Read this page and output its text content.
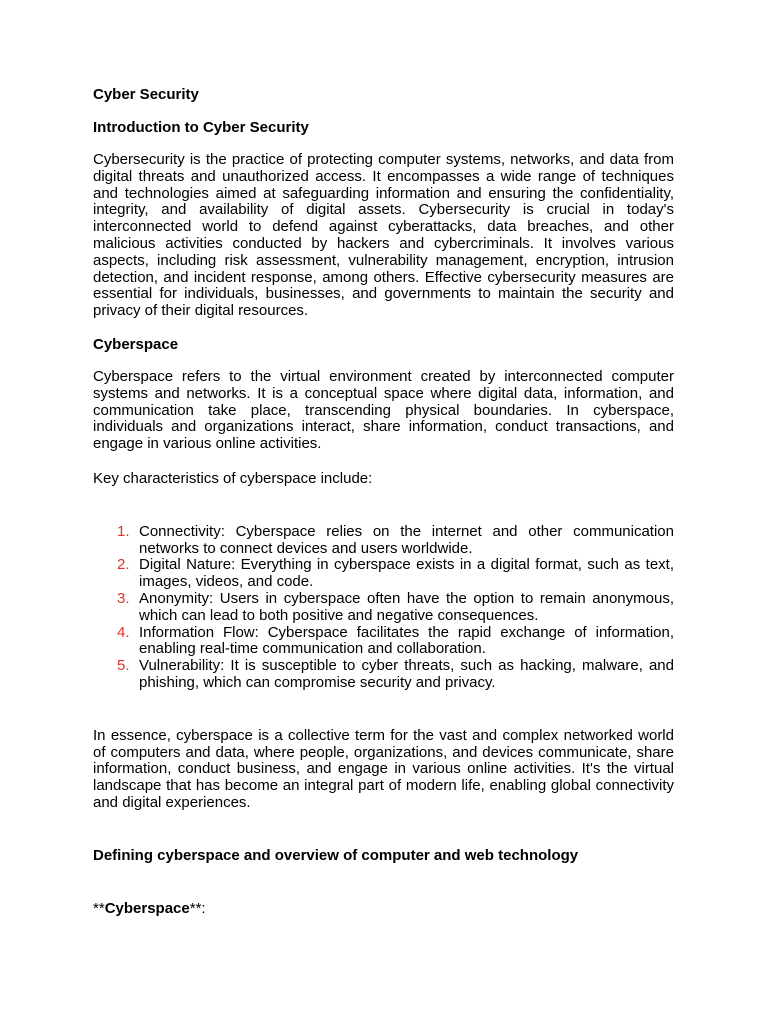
Cyber Security

Introduction to Cyber Security

Cybersecurity is the practice of protecting computer systems, networks, and data from digital threats and unauthorized access. It encompasses a wide range of techniques and technologies aimed at safeguarding information and ensuring the confidentiality, integrity, and availability of digital assets. Cybersecurity is crucial in today's interconnected world to defend against cyberattacks, data breaches, and other malicious activities conducted by hackers and cybercriminals. It involves various aspects, including risk assessment, vulnerability management, encryption, intrusion detection, and incident response, among others. Effective cybersecurity measures are essential for individuals, businesses, and governments to maintain the security and privacy of their digital resources.

Cyberspace

Cyberspace refers to the virtual environment created by interconnected computer systems and networks. It is a conceptual space where digital data, information, and communication take place, transcending physical boundaries. In cyberspace, individuals and organizations interact, share information, conduct transactions, and engage in various online activities.

Key characteristics of cyberspace include:

1. Connectivity: Cyberspace relies on the internet and other communication networks to connect devices and users worldwide.
2. Digital Nature: Everything in cyberspace exists in a digital format, such as text, images, videos, and code.
3. Anonymity: Users in cyberspace often have the option to remain anonymous, which can lead to both positive and negative consequences.
4. Information Flow: Cyberspace facilitates the rapid exchange of information, enabling real-time communication and collaboration.
5. Vulnerability: It is susceptible to cyber threats, such as hacking, malware, and phishing, which can compromise security and privacy.

In essence, cyberspace is a collective term for the vast and complex networked world of computers and data, where people, organizations, and devices communicate, share information, conduct business, and engage in various online activities. It's the virtual landscape that has become an integral part of modern life, enabling global connectivity and digital experiences.

Defining cyberspace and overview of computer and web technology

**Cyberspace**:
